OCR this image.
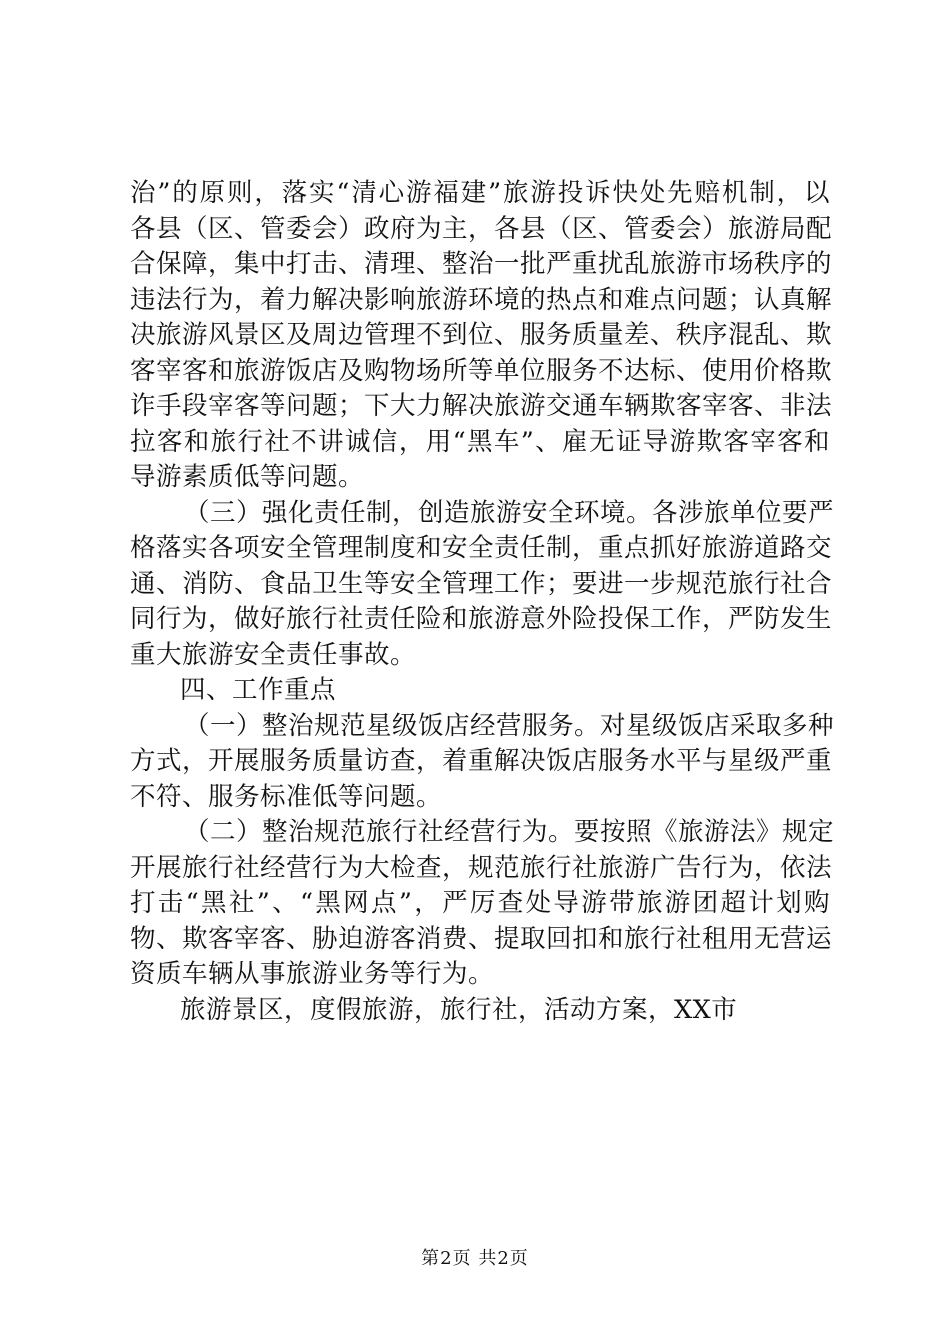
治”的原则，落实“清心游福建”旅游投诉快处先赔机制，以
各县（区、管委会）政府为主，各县（区、管委会）旅游局配
合保障，集中打击、清理、整治一批严重扰乱旅游市场秩序的
违法行为，着力解决影响旅游环境的热点和难点问题；认真解
决旅游风景区及周边管理不到位、服务质量差、秩序混乱、欺
客宰客和旅游饭店及购物场所等单位服务不达标、使用价格欺
诈手段宰客等问题；下大力解决旅游交通车辆欺客宰客、非法
拉客和旅行社不讲诚信，用“黑车”、雇无证导游欺客宰客和
导游素质低等问题。
（三）强化责任制，创造旅游安全环境。各涉旅单位要严
格落实各项安全管理制度和安全责任制，重点抓好旅游道路交
通、消防、食品卫生等安全管理工作；要进一步规范旅行社合
同行为，做好旅行社责任险和旅游意外险投保工作，严防发生
重大旅游安全责任事故。
四、工作重点
（一）整治规范星级饭店经营服务。对星级饭店采取多种
方式，开展服务质量访查，着重解决饭店服务水平与星级严重
不符、服务标准低等问题。
（二）整治规范旅行社经营行为。要按照《旅游法》规定
开展旅行社经营行为大检查，规范旅行社旅游广告行为，依法
打击“黑社”、“黑网点”，严厉查处导游带旅游团超计划购
物、欺客宰客、胁迫游客消费、提取回扣和旅行社租用无营运
资质车辆从事旅游业务等行为。
旅游景区，度假旅游，旅行社，活动方案，XX市
第2页 共2页
